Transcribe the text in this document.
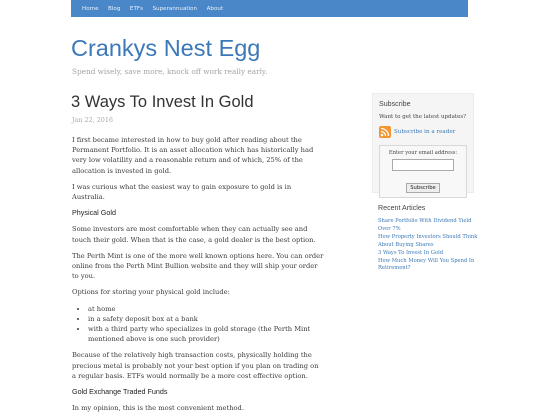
Home Blog ETFs Superannuation About
Crankys Nest Egg
Spend wisely, save more, knock off work really early.
3 Ways To Invest In Gold
Jan 22, 2016

I first became interested in how to buy gold after reading about the Permanent Portfolio. It is an asset allocation which has historically had very low volatility and a reasonable return and of which, 25% of the allocation is invested in gold.

I was curious what the easiest way to gain exposure to gold is in Australia.

Physical Gold

Some investors are most comfortable when they can actually see and touch their gold. When that is the case, a gold dealer is the best option.

The Perth Mint is one of the more well known options here. You can order online from the Perth Mint Bullion website and they will ship your order to you.

Options for storing your physical gold include:

• at home
• in a safety deposit box at a bank
• with a third party who specializes in gold storage (the Perth Mint mentioned above is one such provider)

Because of the relatively high transaction costs, physically holding the precious metal is probably not your best option if you plan on trading on a regular basis. ETFs would normally be a more cost effective option.

Gold Exchange Traded Funds

In my opinion, this is the most convenient method.

Subscribe
Want to get the latest updates?
Subscribe in a reader
Enter your email address:
Subscribe
Recent Articles
Share Portfolio With Dividend Yield Over 7%
How Property Investors Should Think About Buying Shares
3 Ways To Invest In Gold
How Much Money Will You Spend In Retirement?
